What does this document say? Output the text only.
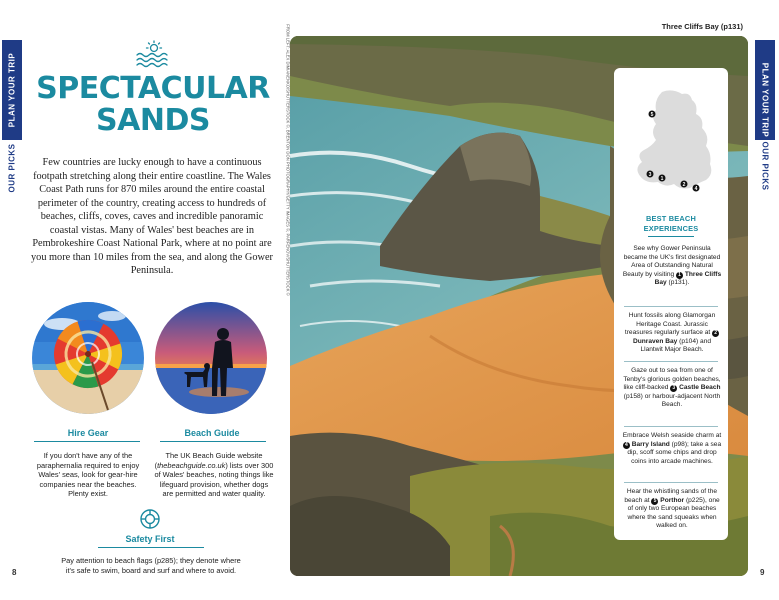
PLAN YOUR TRIP
OUR PICKS
PLAN YOUR TRIP
OUR PICKS
8	9
SPECTACULAR
SANDS

Few countries are lucky enough to have a continuous footpath stretching along their entire coastline. The Wales Coast Path runs for 870 miles around the entire coastal perimeter of the country, creating access to hundreds of beaches, cliffs, coves, caves and incredible panoramic coastal vistas. Many of Wales' best beaches are in Pembrokeshire Coast National Park, where at no point are you more than 10 miles from the sea, and along the Gower Peninsula.

Hire Gear

If you don't have any of the paraphernalia required to enjoy Wales' seas, look for gear-hire companies near the beaches. Plenty exist.

Beach Guide

The UK Beach Guide website (thebeachguide.co.uk) lists over 300 of Wales' beaches, noting things like lifeguard provision, whether dogs are permitted and water quality.

Safety First

Pay attention to beach flags (p285); they denote where it's safe to swim, board and surf and where to avoid.

FROM LEFT: ALEX DIMIANENKO/SHUTTERSTOCK ©, BRENTON DON PHOTOGRAPHY/GETTY IMAGES ©, PARFENOV/SHUTTERSTOCK ©	Three Cliffs Bay (p131)
5
3
1
2
4
BEST BEACH
EXPERIENCES

See why Gower Peninsula became the UK's first designated Area of Outstanding Natural Beauty by visiting 1 Three Cliffs Bay (p131).

Hunt fossils along Glamorgan Heritage Coast. Jurassic treasures regularly surface at 2 Dunraven Bay (p104) and Llantwit Major Beach.

Gaze out to sea from one of Tenby's glorious golden beaches, like cliff-backed 3 Castle Beach (p158) or harbour-adjacent North Beach.

Embrace Welsh seaside charm at 4 Barry Island (p98); take a sea dip, scoff some chips and drop coins into arcade machines.

Hear the whistling sands of the beach at 5 Porthor (p225), one of only two European beaches where the sand squeaks when walked on.
